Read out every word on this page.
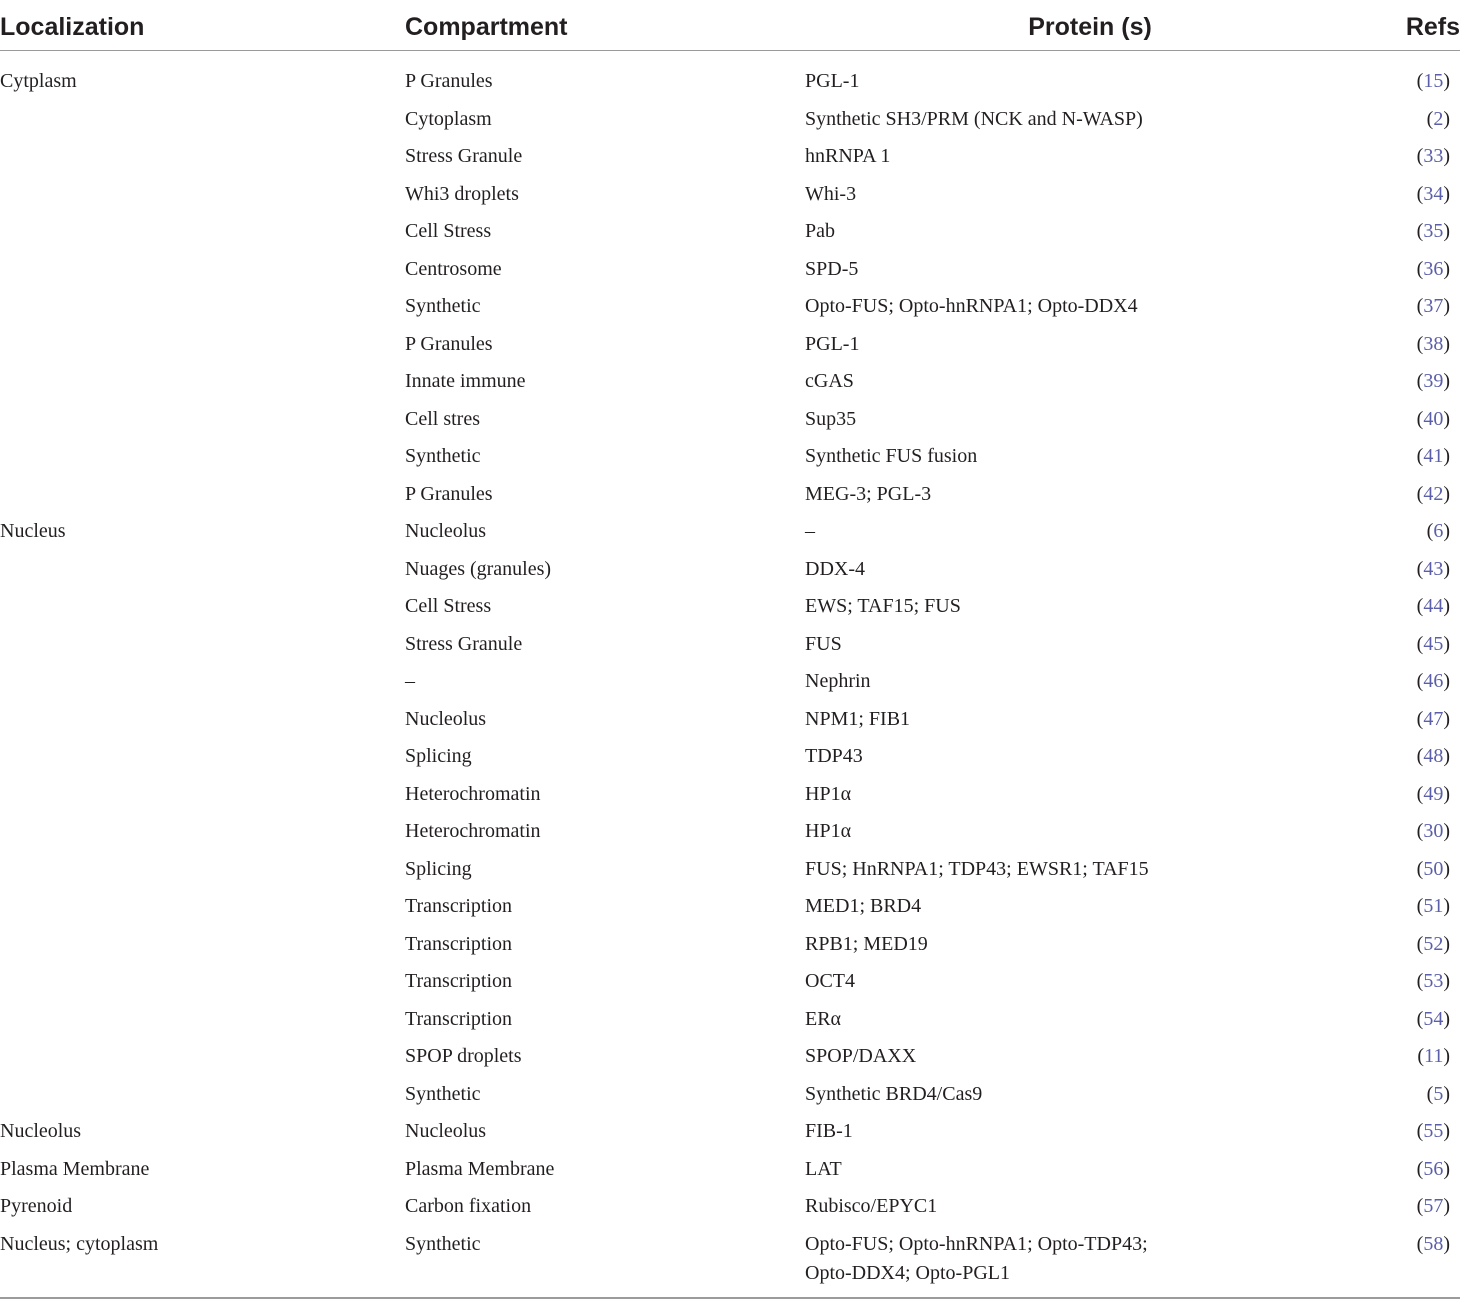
Localization	Compartment	Protein (s)	Refs
Cytplasm	P Granules	PGL-1	(15)
	Cytoplasm	Synthetic SH3/PRM (NCK and N-WASP)	(2)
	Stress Granule	hnRNPA 1	(33)
	Whi3 droplets	Whi-3	(34)
	Cell Stress	Pab	(35)
	Centrosome	SPD-5	(36)
	Synthetic	Opto-FUS; Opto-hnRNPA1; Opto-DDX4	(37)
	P Granules	PGL-1	(38)
	Innate immune	cGAS	(39)
	Cell stres	Sup35	(40)
	Synthetic	Synthetic FUS fusion	(41)
	P Granules	MEG-3; PGL-3	(42)
Nucleus	Nucleolus	–	(6)
	Nuages (granules)	DDX-4	(43)
	Cell Stress	EWS; TAF15; FUS	(44)
	Stress Granule	FUS	(45)
	–	Nephrin	(46)
	Nucleolus	NPM1; FIB1	(47)
	Splicing	TDP43	(48)
	Heterochromatin	HP1α	(49)
	Heterochromatin	HP1α	(30)
	Splicing	FUS; HnRNPA1; TDP43; EWSR1; TAF15	(50)
	Transcription	MED1; BRD4	(51)
	Transcription	RPB1; MED19	(52)
	Transcription	OCT4	(53)
	Transcription	ERα	(54)
	SPOP droplets	SPOP/DAXX	(11)
	Synthetic	Synthetic BRD4/Cas9	(5)
Nucleolus	Nucleolus	FIB-1	(55)
Plasma Membrane	Plasma Membrane	LAT	(56)
Pyrenoid	Carbon fixation	Rubisco/EPYC1	(57)
Nucleus; cytoplasm	Synthetic	Opto-FUS; Opto-hnRNPA1; Opto-TDP43;
Opto-DDX4; Opto-PGL1	(58)
